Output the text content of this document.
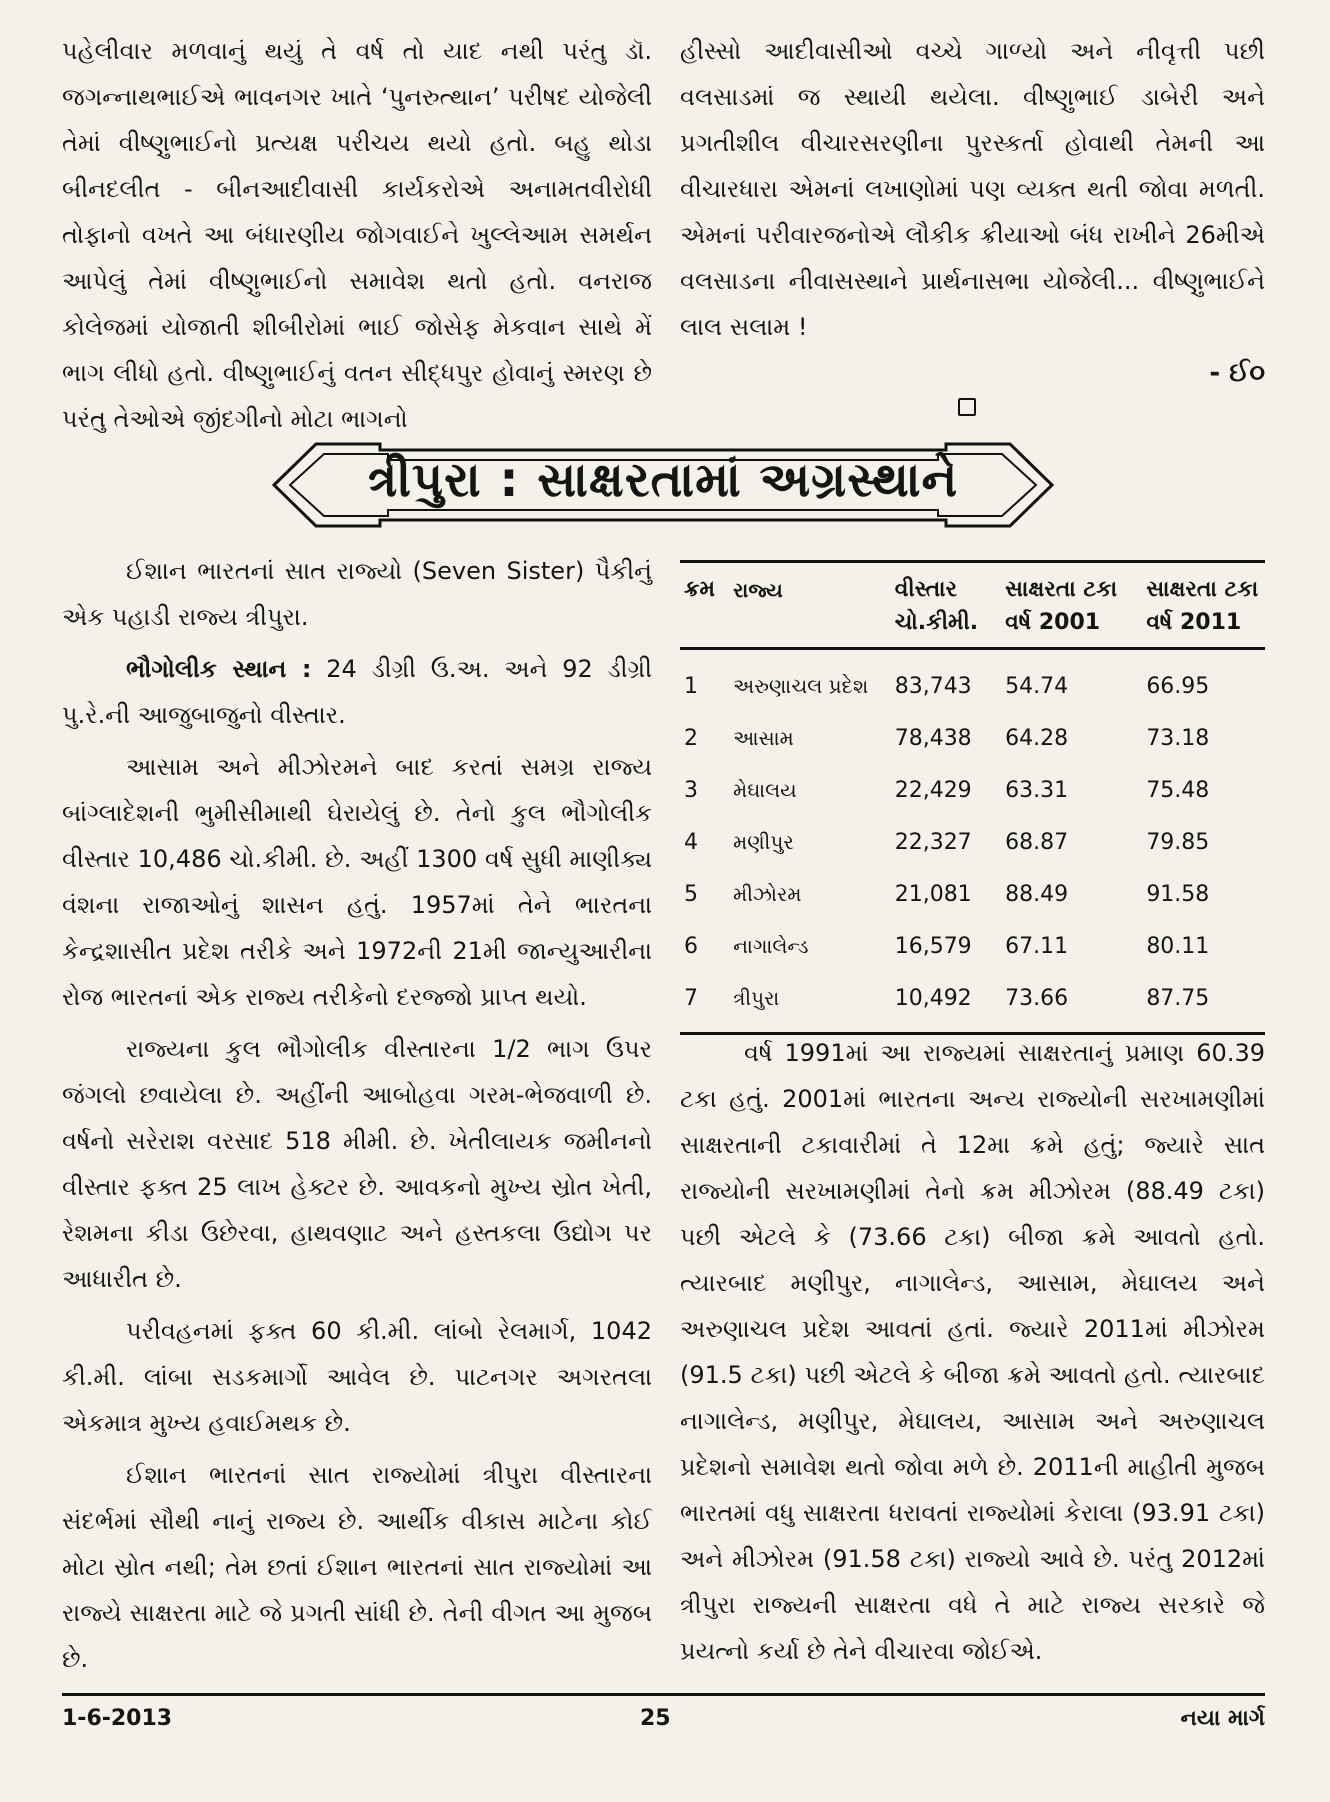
પહેલીવાર મળવાનું થયું તે વર્ષ તો યાદ નથી પરંતુ ડૉ. જગન્નાથભાઈએ ભાવનગર ખાતે ‘પુનરુત્થાન’ પરીષદ યોજેલી તેમાં વીષ્ણુભાઈનો પ્રત્યક્ષ પરીચય થયો હતો. બહુ થોડા બીનદલીત - બીનઆદીવાસી કાર્યકરોએ અનામતવીરોધી તોફાનો વખતે આ બંધારણીય જોગવાઈને ખુલ્લેઆમ સમર્થન આપેલું તેમાં વીષ્ણુભાઈનો સમાવેશ થતો હતો. વનરાજ કોલેજમાં યોજાતી શીબીરોમાં ભાઈ જોસેફ મેકવાન સાથે મેં ભાગ લીધો હતો. વીષ્ણુભાઈનું વતન સીદ્ધપુર હોવાનું સ્મરણ છે પરંતુ તેઓએ જીંદગીનો મોટા ભાગનો

હીસ્સો આદીવાસીઓ વચ્ચે ગાળ્યો અને નીવૃત્તી પછી વલસાડમાં જ સ્થાયી થયેલા. વીષ્ણુભાઈ ડાબેરી અને પ્રગતીશીલ વીચારસરણીના પુરસ્કર્તા હોવાથી તેમની આ વીચારધારા એમનાં લખાણોમાં પણ વ્યક્ત થતી જોવા મળતી. એમનાં પરીવારજનોએ લૌકીક ક્રીયાઓ બંધ રાખીને 26મીએ વલસાડના નીવાસસ્થાને પ્રાર્થનાસભા યોજેલી... વીષ્ણુભાઈને લાલ સલામ !

- ઈ૦

ત્રીપુરા : સાક્ષરતામાં અગ્રસ્થાને

ઈશાન ભારતનાં સાત રાજ્યો (Seven Sister) પૈકીનું એક પહાડી રાજ્ય ત્રીપુરા.

ભૌગોલીક સ્થાન : 24 ડીગ્રી ઉ.અ. અને 92 ડીગ્રી પુ.રે.ની આજુબાજુનો વીસ્તાર.

આસામ અને મીઝોરમને બાદ કરતાં સમગ્ર રાજ્ય બાંગ્લાદેશની ભુમીસીમાથી ઘેરાયેલું છે. તેનો કુલ ભૌગોલીક વીસ્તાર 10,486 ચો.કીમી. છે. અહીં 1300 વર્ષ સુધી માણીક્ય વંશના રાજાઓનું શાસન હતું. 1957માં તેને ભારતના કેન્દ્રશાસીત પ્રદેશ તરીકે અને 1972ની 21મી જાન્યુઆરીના રોજ ભારતનાં એક રાજ્ય તરીકેનો દરજ્જો પ્રાપ્ત થયો.

રાજ્યના કુલ ભૌગોલીક વીસ્તારના 1/2 ભાગ ઉપર જંગલો છવાયેલા છે. અહીંની આબોહવા ગરમ-ભેજવાળી છે. વર્ષનો સરેરાશ વરસાદ 518 મીમી. છે. ખેતીલાયક જમીનનો વીસ્તાર ફક્ત 25 લાખ હેક્ટર છે. આવકનો મુખ્ય સ્રોત ખેતી, રેશમના કીડા ઉછેરવા, હાથવણાટ અને હસ્તકલા ઉદ્યોગ પર આધારીત છે.

પરીવહનમાં ફક્ત 60 કી.મી. લાંબો રેલમાર્ગ, 1042 કી.મી. લાંબા સડકમાર્ગો આવેલ છે. પાટનગર અગરતલા એકમાત્ર મુખ્ય હવાઈમથક છે.

ઈશાન ભારતનાં સાત રાજ્યોમાં ત્રીપુરા વીસ્તારના સંદર્ભમાં સૌથી નાનું રાજ્ય છે. આર્થીક વીકાસ માટેના કોઈ મોટા સ્રોત નથી; તેમ છતાં ઈશાન ભારતનાં સાત રાજ્યોમાં આ રાજ્યે સાક્ષરતા માટે જે પ્રગતી સાંધી છે. તેની વીગત આ મુજબ છે.

ક્રમ	રાજ્ય	વીસ્તાર	સાક્ષરતા ટકા	સાક્ષરતા ટકા
		ચો.કીમી.	વર્ષ 2001	વર્ષ 2011
1	અરુણાચલ પ્રદેશ	83,743	54.74	66.95
2	આસામ	78,438	64.28	73.18
3	મેઘાલય	22,429	63.31	75.48
4	મણીપુર	22,327	68.87	79.85
5	મીઝોરમ	21,081	88.49	91.58
6	નાગાલેન્ડ	16,579	67.11	80.11
7	ત્રીપુરા	10,492	73.66	87.75

વર્ષ 1991માં આ રાજ્યમાં સાક્ષરતાનું પ્રમાણ 60.39 ટકા હતું. 2001માં ભારતના અન્ય રાજ્યોની સરખામણીમાં સાક્ષરતાની ટકાવારીમાં તે 12મા ક્રમે હતું; જ્યારે સાત રાજ્યોની સરખામણીમાં તેનો ક્રમ મીઝોરમ (88.49 ટકા) પછી એટલે કે (73.66 ટકા) બીજા ક્રમે આવતો હતો. ત્યારબાદ મણીપુર, નાગાલેન્ડ, આસામ, મેઘાલય અને અરુણાચલ પ્રદેશ આવતાં હતાં. જ્યારે 2011માં મીઝોરમ (91.5 ટકા) પછી એટલે કે બીજા ક્રમે આવતો હતો. ત્યારબાદ નાગાલેન્ડ, મણીપુર, મેઘાલય, આસામ અને અરુણાચલ પ્રદેશનો સમાવેશ થતો જોવા મળે છે. 2011ની માહીતી મુજબ ભારતમાં વધુ સાક્ષરતા ધરાવતાં રાજ્યોમાં કેરાલા (93.91 ટકા) અને મીઝોરમ (91.58 ટકા) રાજ્યો આવે છે. પરંતુ 2012માં ત્રીપુરા રાજ્યની સાક્ષરતા વધે તે માટે રાજ્ય સરકારે જે પ્રયત્નો કર્યા છે તેને વીચારવા જોઈએ.

1-6-2013	25	નયા માર્ગ
